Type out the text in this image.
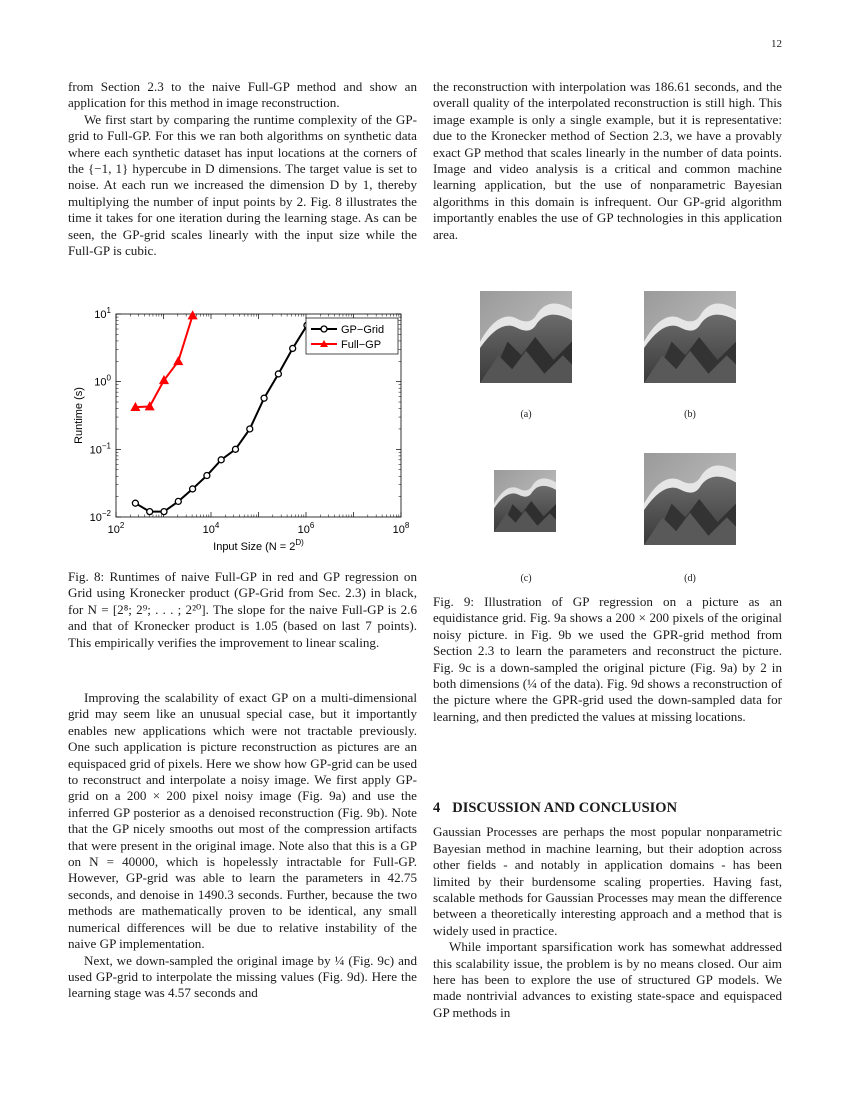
12

from Section 2.3 to the naive Full-GP method and show an application for this method in image reconstruction.

We first start by comparing the runtime complexity of the GP-grid to Full-GP. For this we ran both algorithms on synthetic data where each synthetic dataset has input locations at the corners of the {−1, 1} hypercube in D dimensions. The target value is set to noise. At each run we increased the dimension D by 1, thereby multiplying the number of input points by 2. Fig. 8 illustrates the time it takes for one iteration during the learning stage. As can be seen, the GP-grid scales linearly with the input size while the Full-GP is cubic.

$10^2$	$10^4$	$10^6$	$10^8$
$10^{-2}$
$10^{-1}$
$10^0$
$10^1$
Input Size ($N = 2^{D)}$
Runtime (s)
GP−Grid
Full−GP
Fig. 8: Runtimes of naive Full-GP in red and GP regression on Grid using Kronecker product (GP-Grid from Sec. 2.3) in black, for N = [2⁸; 2⁹; . . . ; 2²⁰]. The slope for the naive Full-GP is 2.6 and that of Kronecker product is 1.05 (based on last 7 points). This empirically verifies the improvement to linear scaling.

Improving the scalability of exact GP on a multi-dimensional grid may seem like an unusual special case, but it importantly enables new applications which were not tractable previously. One such application is picture reconstruction as pictures are an equispaced grid of pixels. Here we show how GP-grid can be used to reconstruct and interpolate a noisy image. We first apply GP-grid on a 200 × 200 pixel noisy image (Fig. 9a) and use the inferred GP posterior as a denoised reconstruction (Fig. 9b). Note that the GP nicely smooths out most of the compression artifacts that were present in the original image. Note also that this is a GP on N = 40000, which is hopelessly intractable for Full-GP. However, GP-grid was able to learn the parameters in 42.75 seconds, and denoise in 1490.3 seconds. Further, because the two methods are mathematically proven to be identical, any small numerical differences will be due to relative instability of the naive GP implementation.

Next, we down-sampled the original image by ¼ (Fig. 9c) and used GP-grid to interpolate the missing values (Fig. 9d). Here the learning stage was 4.57 seconds and

the reconstruction with interpolation was 186.61 seconds, and the overall quality of the interpolated reconstruction is still high. This image example is only a single example, but it is representative: due to the Kronecker method of Section 2.3, we have a provably exact GP method that scales linearly in the number of data points. Image and video analysis is a critical and common machine learning application, but the use of nonparametric Bayesian algorithms in this domain is infrequent. Our GP-grid algorithm importantly enables the use of GP technologies in this application area.

(a)	(b)
(c)	(d)
Fig. 9: Illustration of GP regression on a picture as an equidistance grid. Fig. 9a shows a 200 × 200 pixels of the original noisy picture. in Fig. 9b we used the GPR-grid method from Section 2.3 to learn the parameters and reconstruct the picture. Fig. 9c is a down-sampled the original picture (Fig. 9a) by 2 in both dimensions (¼ of the data). Fig. 9d shows a reconstruction of the picture where the GPR-grid used the down-sampled data for learning, and then predicted the values at missing locations.
4 DISCUSSION AND CONCLUSION

Gaussian Processes are perhaps the most popular nonparametric Bayesian method in machine learning, but their adoption across other fields - and notably in application domains - has been limited by their burdensome scaling properties. Having fast, scalable methods for Gaussian Processes may mean the difference between a theoretically interesting approach and a method that is widely used in practice.

While important sparsification work has somewhat addressed this scalability issue, the problem is by no means closed. Our aim here has been to explore the use of structured GP models. We made nontrivial advances to existing state-space and equispaced GP methods in
